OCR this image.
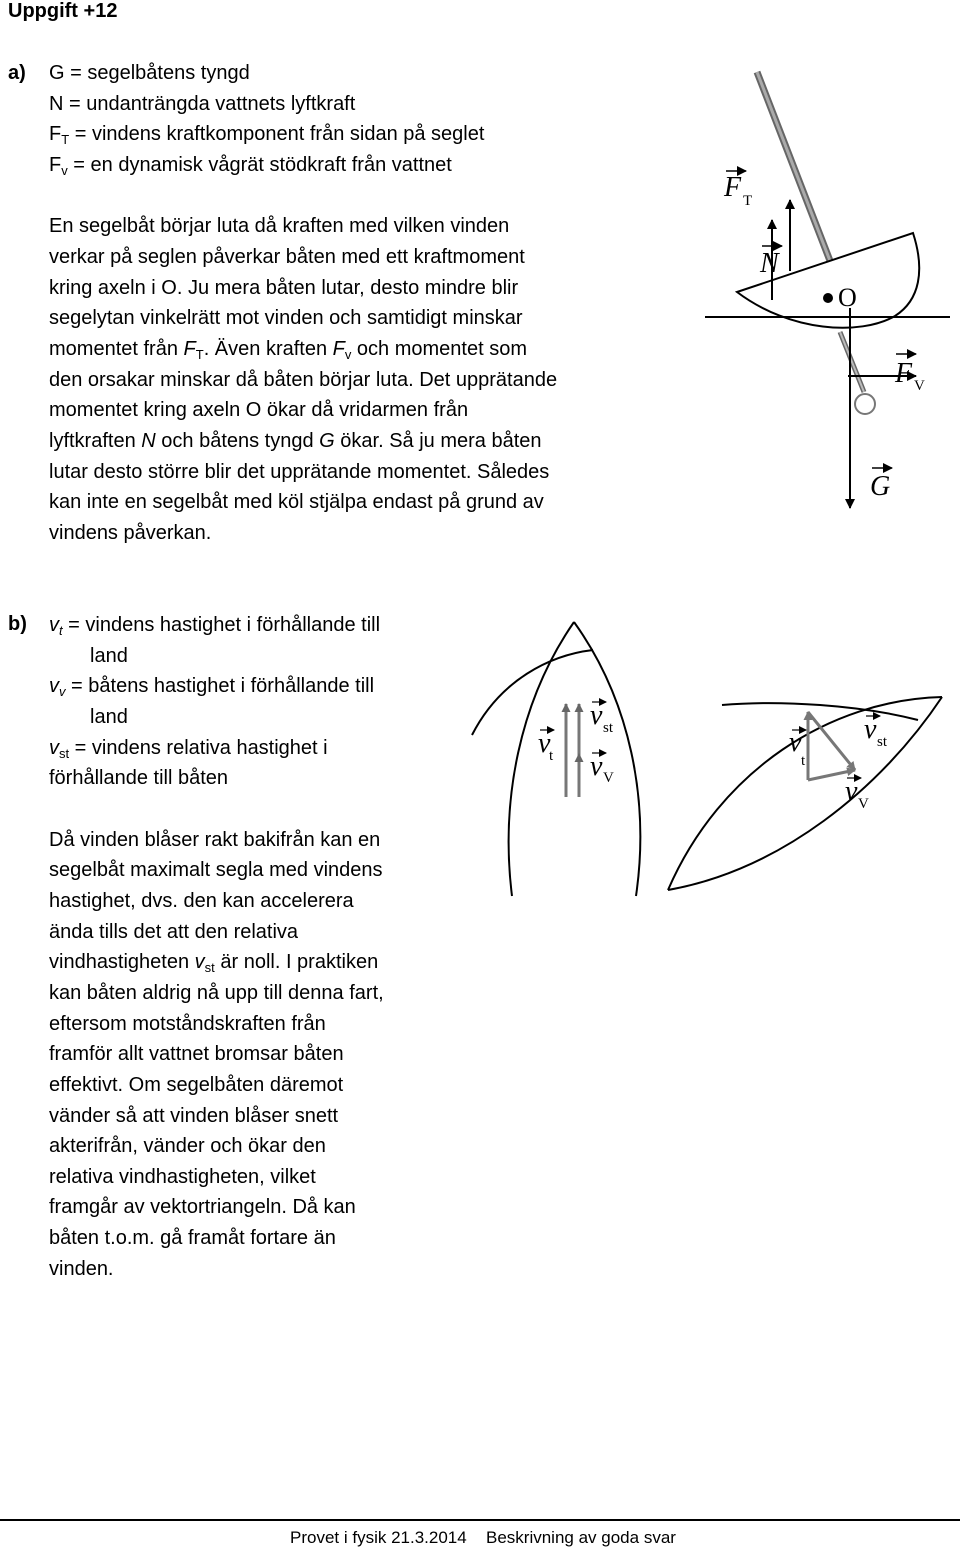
Uppgift +12
a) G = segelbåtens tyngd
N = undanträngda vattnets lyftkraft
$F_T$ = vindens kraftkomponent från sidan på seglet
$F_v$ = en dynamisk vågrät stödkraft från vattnet
En segelbåt börjar luta då kraften med vilken vinden
verkar på seglen påverkar båten med ett kraftmoment
kring axeln i O. Ju mera båten lutar, desto mindre blir
segelytan vinkelrätt mot vinden och samtidigt minskar
momentet från $F_T$. Även kraften $F_v$ och momentet som
den orsakar minskar då båten börjar luta. Det upprätande
momentet kring axeln O ökar då vridarmen från
lyftkraften N och båtens tyngd G ökar. Så ju mera båten
lutar desto större blir det upprätande momentet. Således
kan inte en segelbåt med köl stjälpa endast på grund av
vindens påverkan.
O
F T
N
F V
G
b) $v_t$ = vindens hastighet i förhållande till
land
$v_v$ = båtens hastighet i förhållande till
land
$v_{st}$ = vindens relativa hastighet i
förhållande till båten
Då vinden blåser rakt bakifrån kan en
segelbåt maximalt segla med vindens
hastighet, dvs. den kan accelerera
ända tills det att den relativa
vindhastigheten $v_{st}$ är noll. I praktiken
kan båten aldrig nå upp till denna fart,
eftersom motståndskraften från
framför allt vattnet bromsar båten
effektivt. Om segelbåten däremot
vänder så att vinden blåser snett
akterifrån, vänder och ökar den
relativa vindhastigheten, vilket
framgår av vektortriangeln. Då kan
båten t.o.m. gå framåt fortare än
vinden.
v
t
v st
v V
v
t
v st
v V
Provet i fysik 21.3.2014 Beskrivning av goda svar
